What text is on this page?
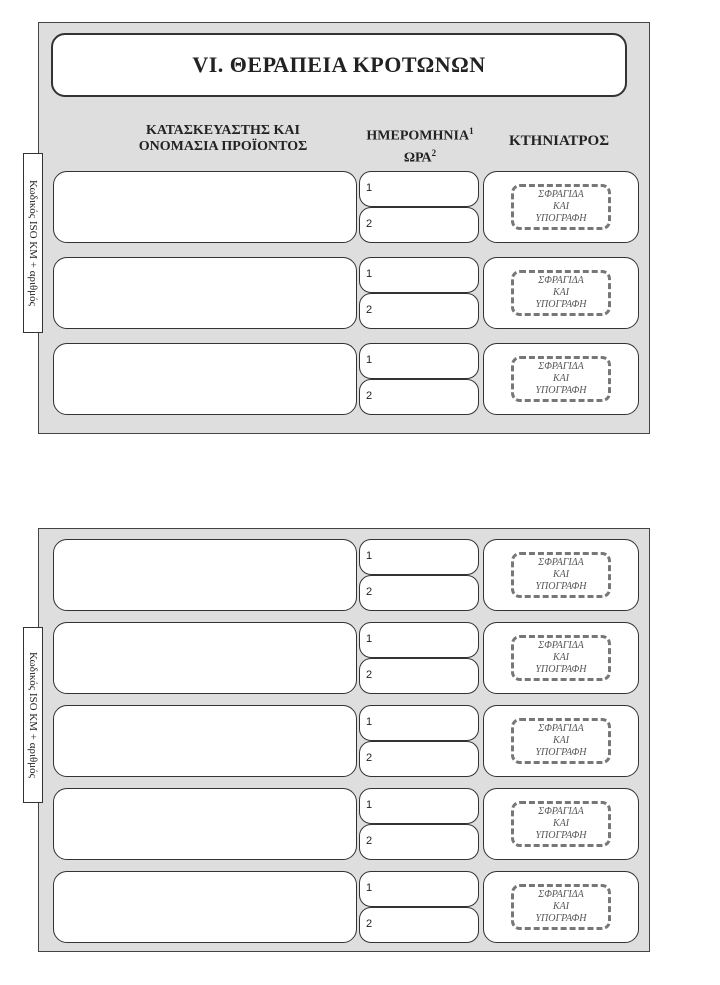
VI. ΘΕΡΑΠΕΙΑ ΚΡΟΤΩΝΩΝ
ΚΑΤΑΣΚΕΥΑΣΤΗΣ ΚΑΙ
ΟΝΟΜΑΣΙΑ ΠΡΟΪΟΝΤΟΣ
ΗΜΕΡΟΜΗΝΙΑ$^1$
ΩΡΑ$^2$
ΚΤΗΝΙΑΤΡΟΣ
Κωδικός ISO KM + αριθμός	1
2
ΣΦΡΑΓΙΔΑ
ΚΑΙ
ΥΠΟΓΡΑΦΗ
1
2
ΣΦΡΑΓΙΔΑ
ΚΑΙ
ΥΠΟΓΡΑΦΗ
1
2
ΣΦΡΑΓΙΔΑ
ΚΑΙ
ΥΠΟΓΡΑΦΗ
Κωδικός ISO KM + αριθμός
1
2
ΣΦΡΑΓΙΔΑ
ΚΑΙ
ΥΠΟΓΡΑΦΗ
1
2
ΣΦΡΑΓΙΔΑ
ΚΑΙ
ΥΠΟΓΡΑΦΗ
1
2
ΣΦΡΑΓΙΔΑ
ΚΑΙ
ΥΠΟΓΡΑΦΗ
1
2
ΣΦΡΑΓΙΔΑ
ΚΑΙ
ΥΠΟΓΡΑΦΗ
1
2
ΣΦΡΑΓΙΔΑ
ΚΑΙ
ΥΠΟΓΡΑΦΗ
